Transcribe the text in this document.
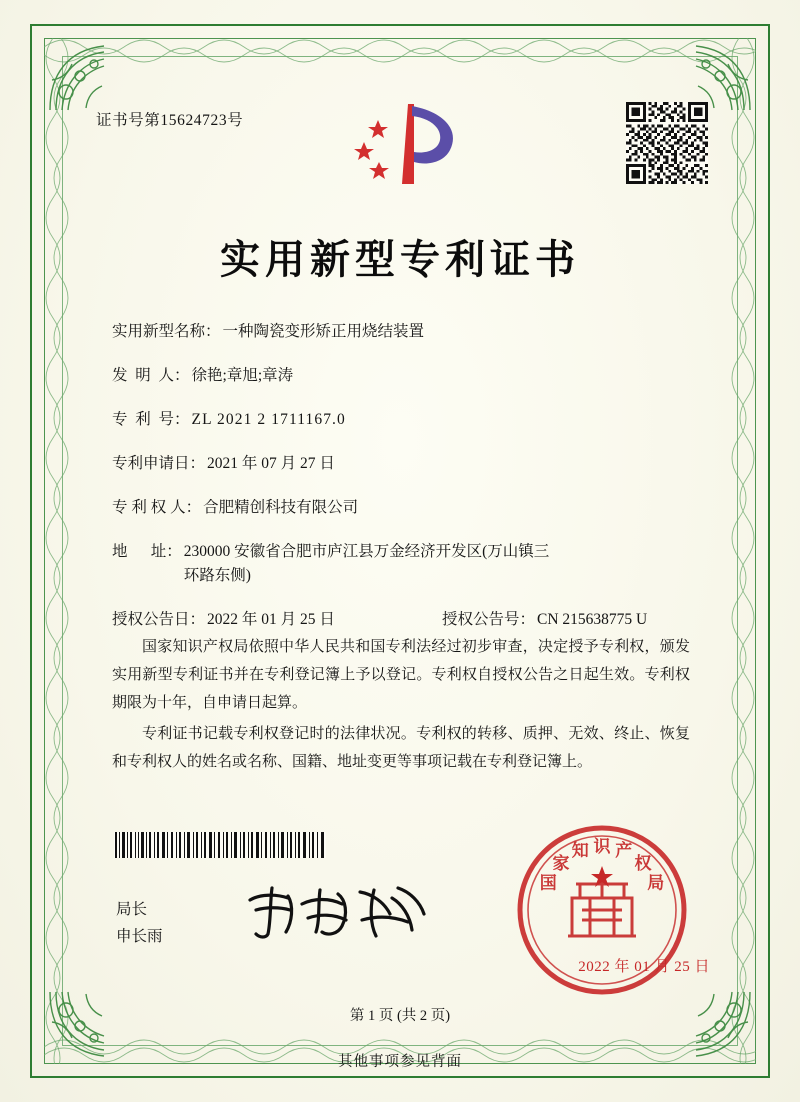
证书号第15624723号
实用新型专利证书
实用新型名称： 一种陶瓷变形矫正用烧结装置
发  明  人： 徐艳;章旭;章涛
专  利  号： ZL 2021 2 1711167.0
专利申请日： 2021 年 07 月 27 日
专 利 权 人： 合肥精创科技有限公司
地      址： 230000 安徽省合肥市庐江县万金经济开发区(万山镇三
环路东侧)
授权公告日： 2022 年 01 月 25 日	授权公告号： CN 215638775 U

国家知识产权局依照中华人民共和国专利法经过初步审查，决定授予专利权，颁发实用新型专利证书并在专利登记簿上予以登记。专利权自授权公告之日起生效。专利权期限为十年，自申请日起算。

专利证书记载专利权登记时的法律状况。专利权的转移、质押、无效、终止、恢复和专利权人的姓名或名称、国籍、地址变更等事项记载在专利登记簿上。

局长
申长雨
国
家
知 识 产
权
局
2022 年 01 月 25 日
第 1 页 (共 2 页)
其他事项参见背面
